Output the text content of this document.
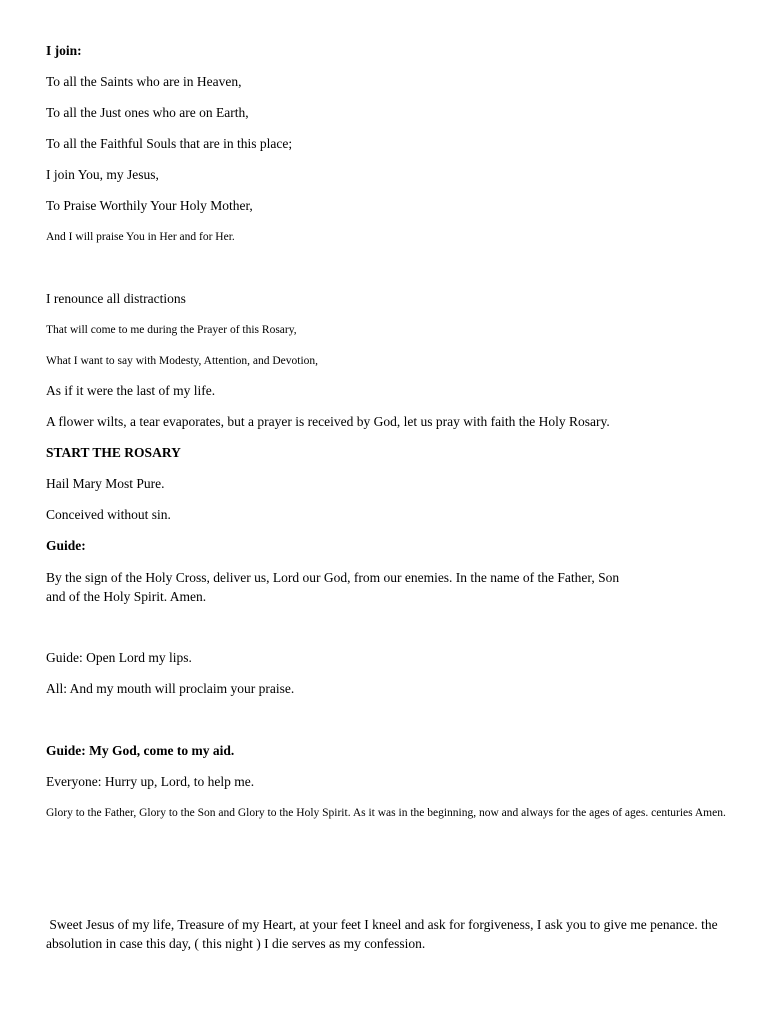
I join:
To all the Saints who are in Heaven,
To all the Just ones who are on Earth,
To all the Faithful Souls that are in this place;
I join You, my Jesus,
To Praise Worthily Your Holy Mother,
And I will praise You in Her and for Her.
I renounce all distractions
That will come to me during the Prayer of this Rosary,
What I want to say with Modesty, Attention, and Devotion,
As if it were the last of my life.
A flower wilts, a tear evaporates, but a prayer is received by God, let us pray with faith the Holy Rosary.
START THE ROSARY
Hail Mary Most Pure.
Conceived without sin.
Guide:
By the sign of the Holy Cross, deliver us, Lord our God, from our enemies. In the name of the Father, Son and of the Holy Spirit. Amen.
Guide: Open Lord my lips.
All: And my mouth will proclaim your praise.
Guide: My God, come to my aid.
Everyone: Hurry up, Lord, to help me.
Glory to the Father, Glory to the Son and Glory to the Holy Spirit. As it was in the beginning, now and always for the ages of ages. centuries Amen.
Sweet Jesus of my life, Treasure of my Heart, at your feet I kneel and ask for forgiveness, I ask you to give me penance. the absolution in case this day, ( this night ) I die serves as my confession.
